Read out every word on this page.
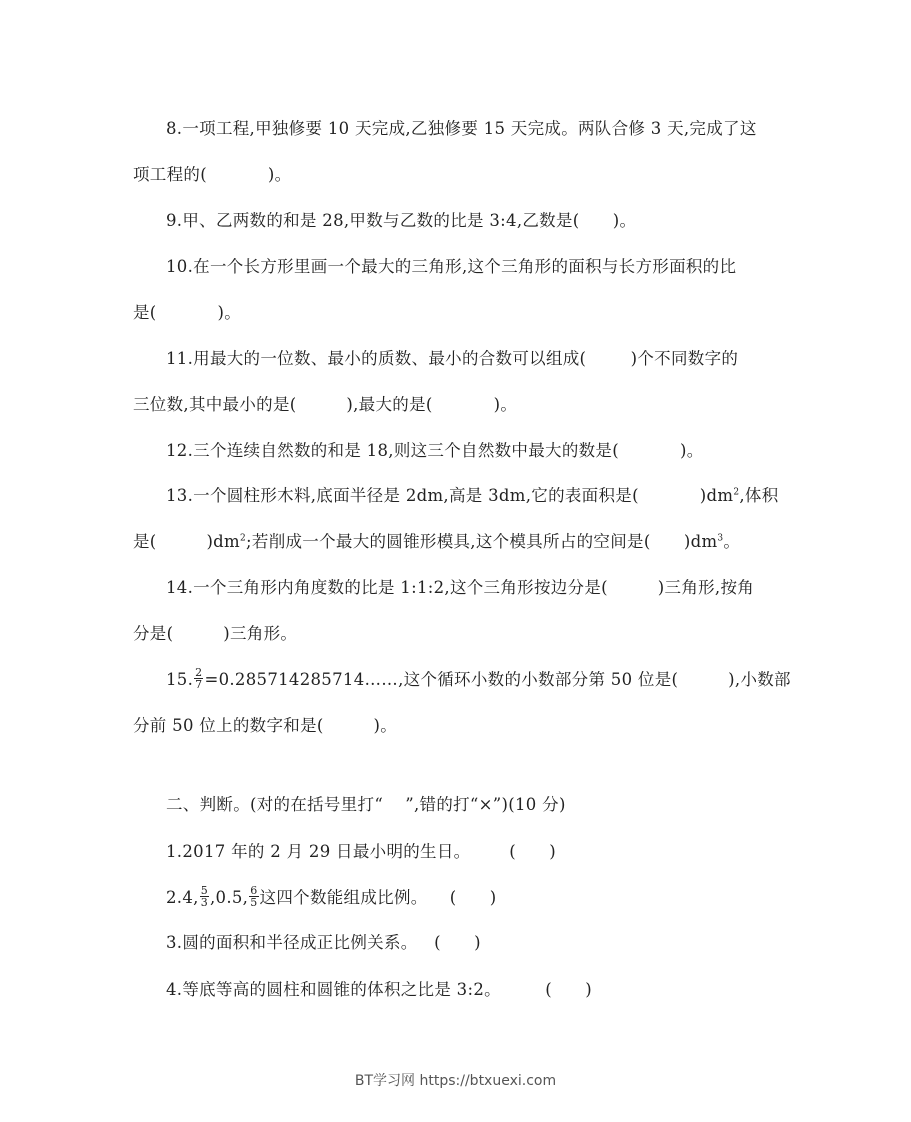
8.一项工程,甲独修要 10 天完成,乙独修要 15 天完成。两队合修 3 天,完成了这
项工程的(           )。
9.甲、乙两数的和是 28,甲数与乙数的比是 3:4,乙数是(      )。
10.在一个长方形里画一个最大的三角形,这个三角形的面积与长方形面积的比
是(           )。
11.用最大的一位数、最小的质数、最小的合数可以组成(        )个不同数字的
三位数,其中最小的是(         ),最大的是(           )。
12.三个连续自然数的和是 18,则这三个自然数中最大的数是(           )。
13.一个圆柱形木料,底面半径是 2dm,高是 3dm,它的表面积是(           )$dm^2$,体积
是(         )$dm^2$;若削成一个最大的圆锥形模具,这个模具所占的空间是(      )$dm^3$。
14.一个三角形内角度数的比是 1:1:2,这个三角形按边分是(         )三角形,按角
分是(         )三角形。
15. $\frac{2}{7}$ =0.285714285714……,这个循环小数的小数部分第 50 位是(         ),小数部
分前 50 位上的数字和是(         )。
二、判断。(对的在括号里打“    ”,错的打“×”)(10 分)
1.2017 年的 2 月 29 日最小明的生日。       (      )
2.4, $\frac{5}{3} ,0.5$, $\frac{6}{5}$ 这四个数能组成比例。    (      )
3.圆的面积和半径成正比例关系。   (      )
4.等底等高的圆柱和圆锥的体积之比是 3:2。        (      )
BT学习网 https://btxuexi.com
